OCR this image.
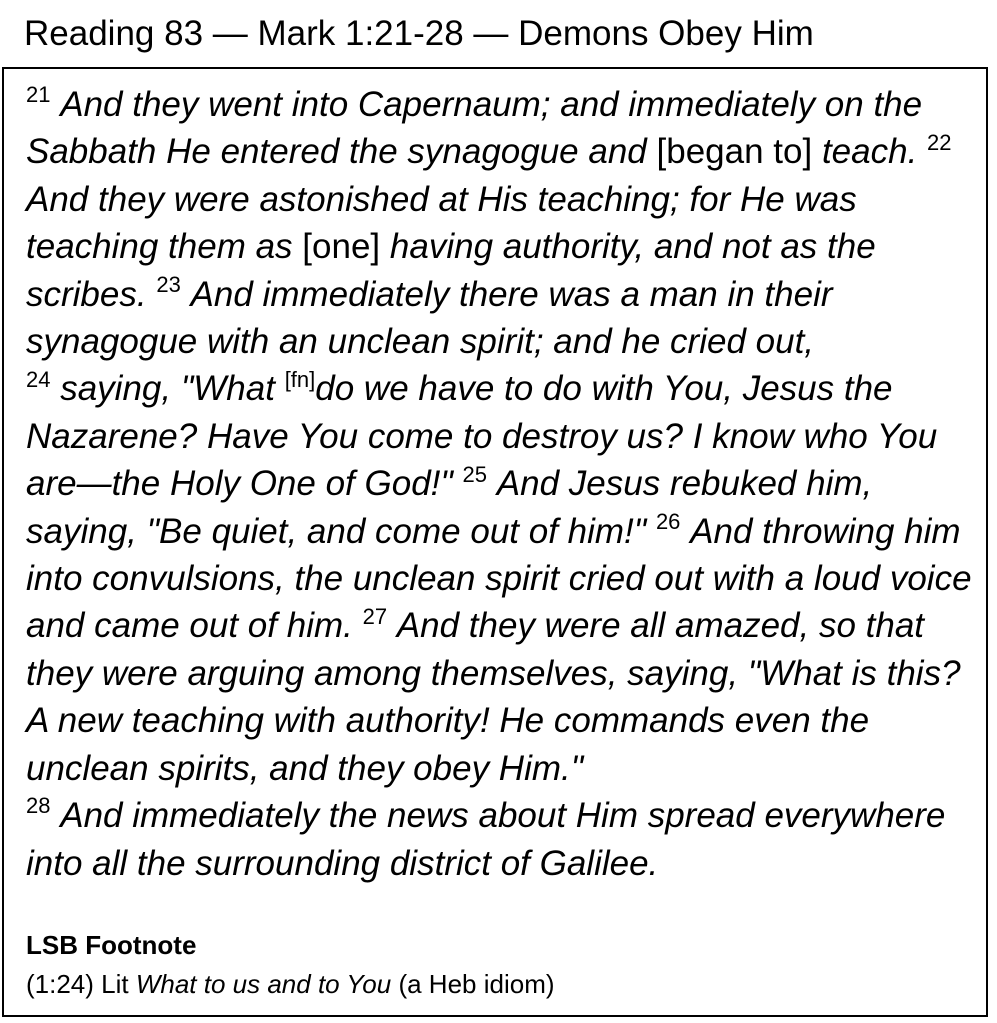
Reading 83 — Mark 1:21-28 — Demons Obey Him
$^{21}$ And they went into Capernaum; and immediately on the Sabbath He entered the synagogue and [began to] teach. $^{22}$ And they were astonished at His teaching; for He was teaching them as [one] having authority, and not as the scribes. $^{23}$ And immediately there was a man in their synagogue with an unclean spirit; and he cried out,
$^{24}$ saying, "What [fn]do we have to do with You, Jesus the Nazarene? Have You come to destroy us? I know who You are—the Holy One of God!" $^{25}$ And Jesus rebuked him, saying, "Be quiet, and come out of him!" $^{26}$ And throwing him into convulsions, the unclean spirit cried out with a loud voice and came out of him. $^{27}$ And they were all amazed, so that they were arguing among themselves, saying, "What is this? A new teaching with authority! He commands even the unclean spirits, and they obey Him."
$^{28}$ And immediately the news about Him spread everywhere into all the surrounding district of Galilee.
LSB Footnote
(1:24) Lit What to us and to You (a Heb idiom)
